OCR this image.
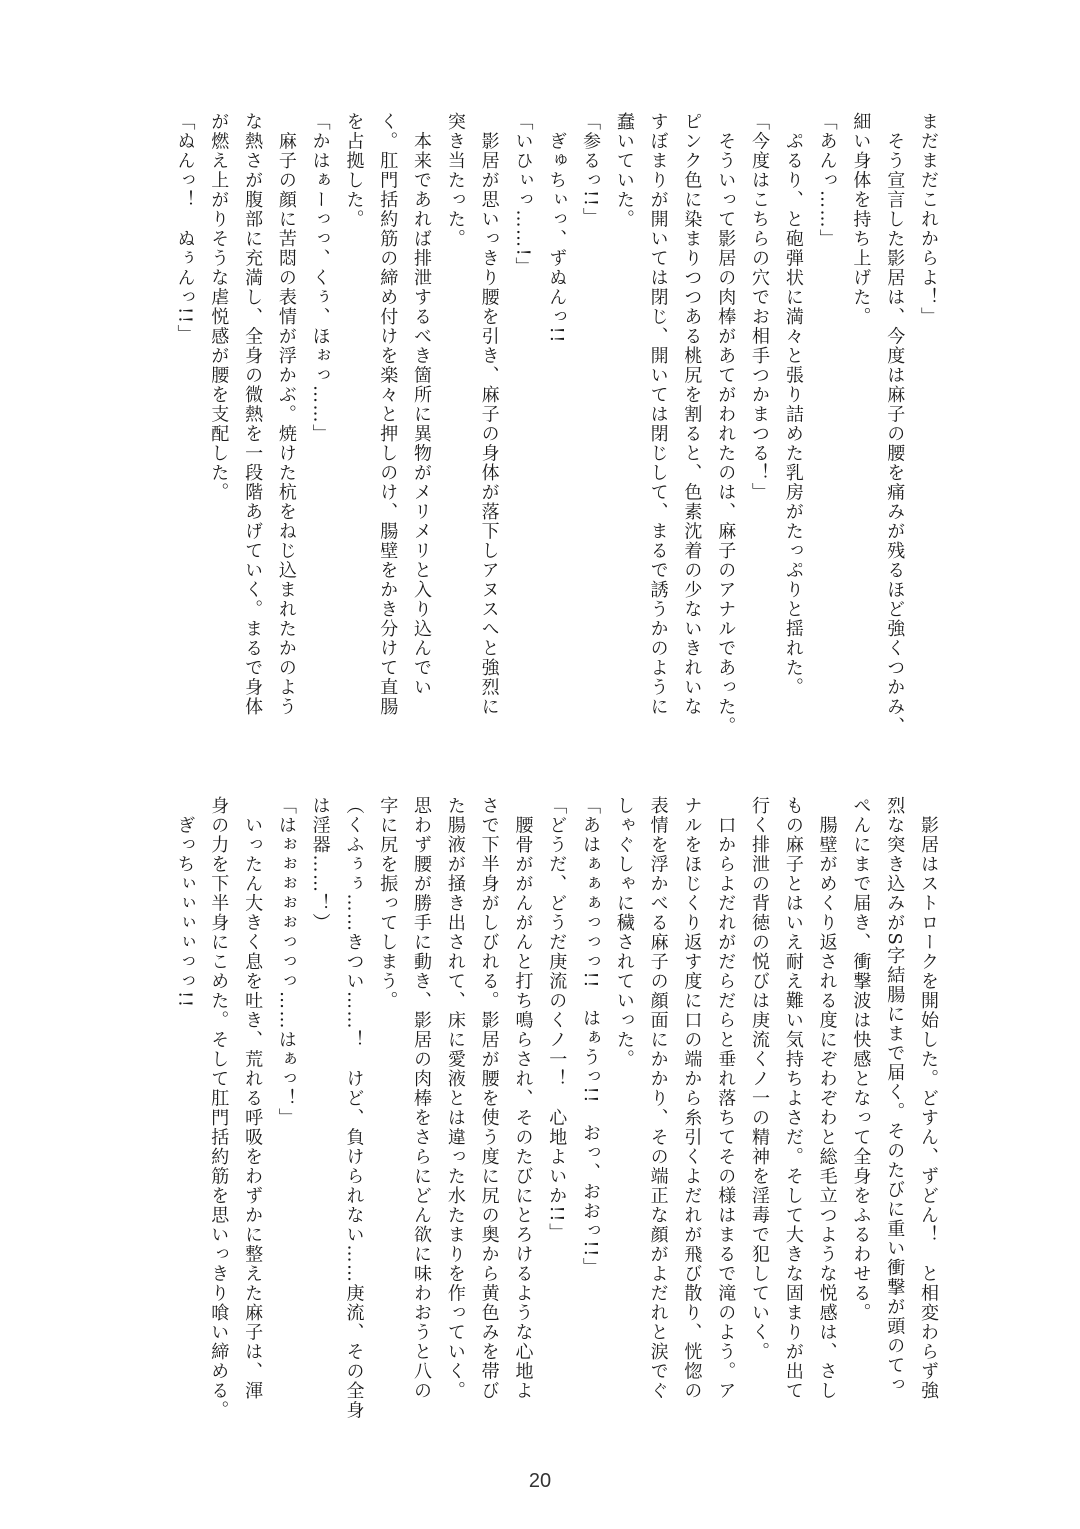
まだまだこれからよ！」
　そう宣言した影居は、今度は麻子の腰を痛みが残るほど強くつかみ、
細い身体を持ち上げた。
「あんっ……」
　ぷるり、と砲弾状に満々と張り詰めた乳房がたっぷりと揺れた。
「今度はこちらの穴でお相手つかまつる！」
　そういって影居の肉棒があてがわれたのは、麻子のアナルであった。
ピンク色に染まりつつある桃尻を割ると、色素沈着の少ないきれいな
すぼまりが開いては閉じ、開いては閉じして、まるで誘うかのように
蠢いていた。
「参るっ!!」
　ぎゅちぃっ、ずぬんっ!!
「いひぃっ……!」
　影居が思いっきり腰を引き、麻子の身体が落下しアヌスへと強烈に
突き当たった。
　本来であれば排泄するべき箇所に異物がメリメリと入り込んでい
く。肛門括約筋の締め付けを楽々と押しのけ、腸壁をかき分けて直腸
を占拠した。
「かはぁーっっ、くぅ、ほぉっ……」
　麻子の顔に苦悶の表情が浮かぶ。焼けた杭をねじ込まれたかのよう
な熱さが腹部に充満し、全身の微熱を一段階あげていく。まるで身体
が燃え上がりそうな虐悦感が腰を支配した。
「ぬんっ！　ぬぅんっ!!」
　影居はストロークを開始した。どすん、ずどん！　と相変わらず強
烈な突き込みがS字結腸にまで届く。そのたびに重い衝撃が頭のてっ
ぺんにまで届き、衝撃波は快感となって全身をふるわせる。
　腸壁がめくり返される度にぞわぞわと総毛立つような悦感は、さし
もの麻子とはいえ耐え難い気持ちよさだ。そして大きな固まりが出て
行く排泄の背徳の悦びは庚流くノ一の精神を淫毒で犯していく。
　口からよだれがだらだらと垂れ落ちてその様はまるで滝のよう。ア
ナルをほじくり返す度に口の端から糸引くよだれが飛び散り、恍惚の
表情を浮かべる麻子の顔面にかかり、その端正な顔がよだれと涙でぐ
しゃぐしゃに穢されていった。
「あはぁぁぁっっっ!!　はぁうっ!!　おっ、おおっ!!」
「どうだ、どうだ庚流のくノ一！　心地よいか!!」
　腰骨ががんがんと打ち鳴らされ、そのたびにとろけるような心地よ
さで下半身がしびれる。影居が腰を使う度に尻の奥から黄色みを帯び
た腸液が掻き出されて、床に愛液とは違った水たまりを作っていく。
思わず腰が勝手に動き、影居の肉棒をさらにどん欲に味わおうと八の
字に尻を振ってしまう。
（くふぅぅ……きつい……！　けど、負けられない……庚流、その全身
は淫器……！）
「はぉぉぉぉぉっっっ……はぁっ！」
　いったん大きく息を吐き、荒れる呼吸をわずかに整えた麻子は、渾
身の力を下半身にこめた。そして肛門括約筋を思いっきり喰い締める。
　ぎっちぃぃぃぃっっ!!
20
